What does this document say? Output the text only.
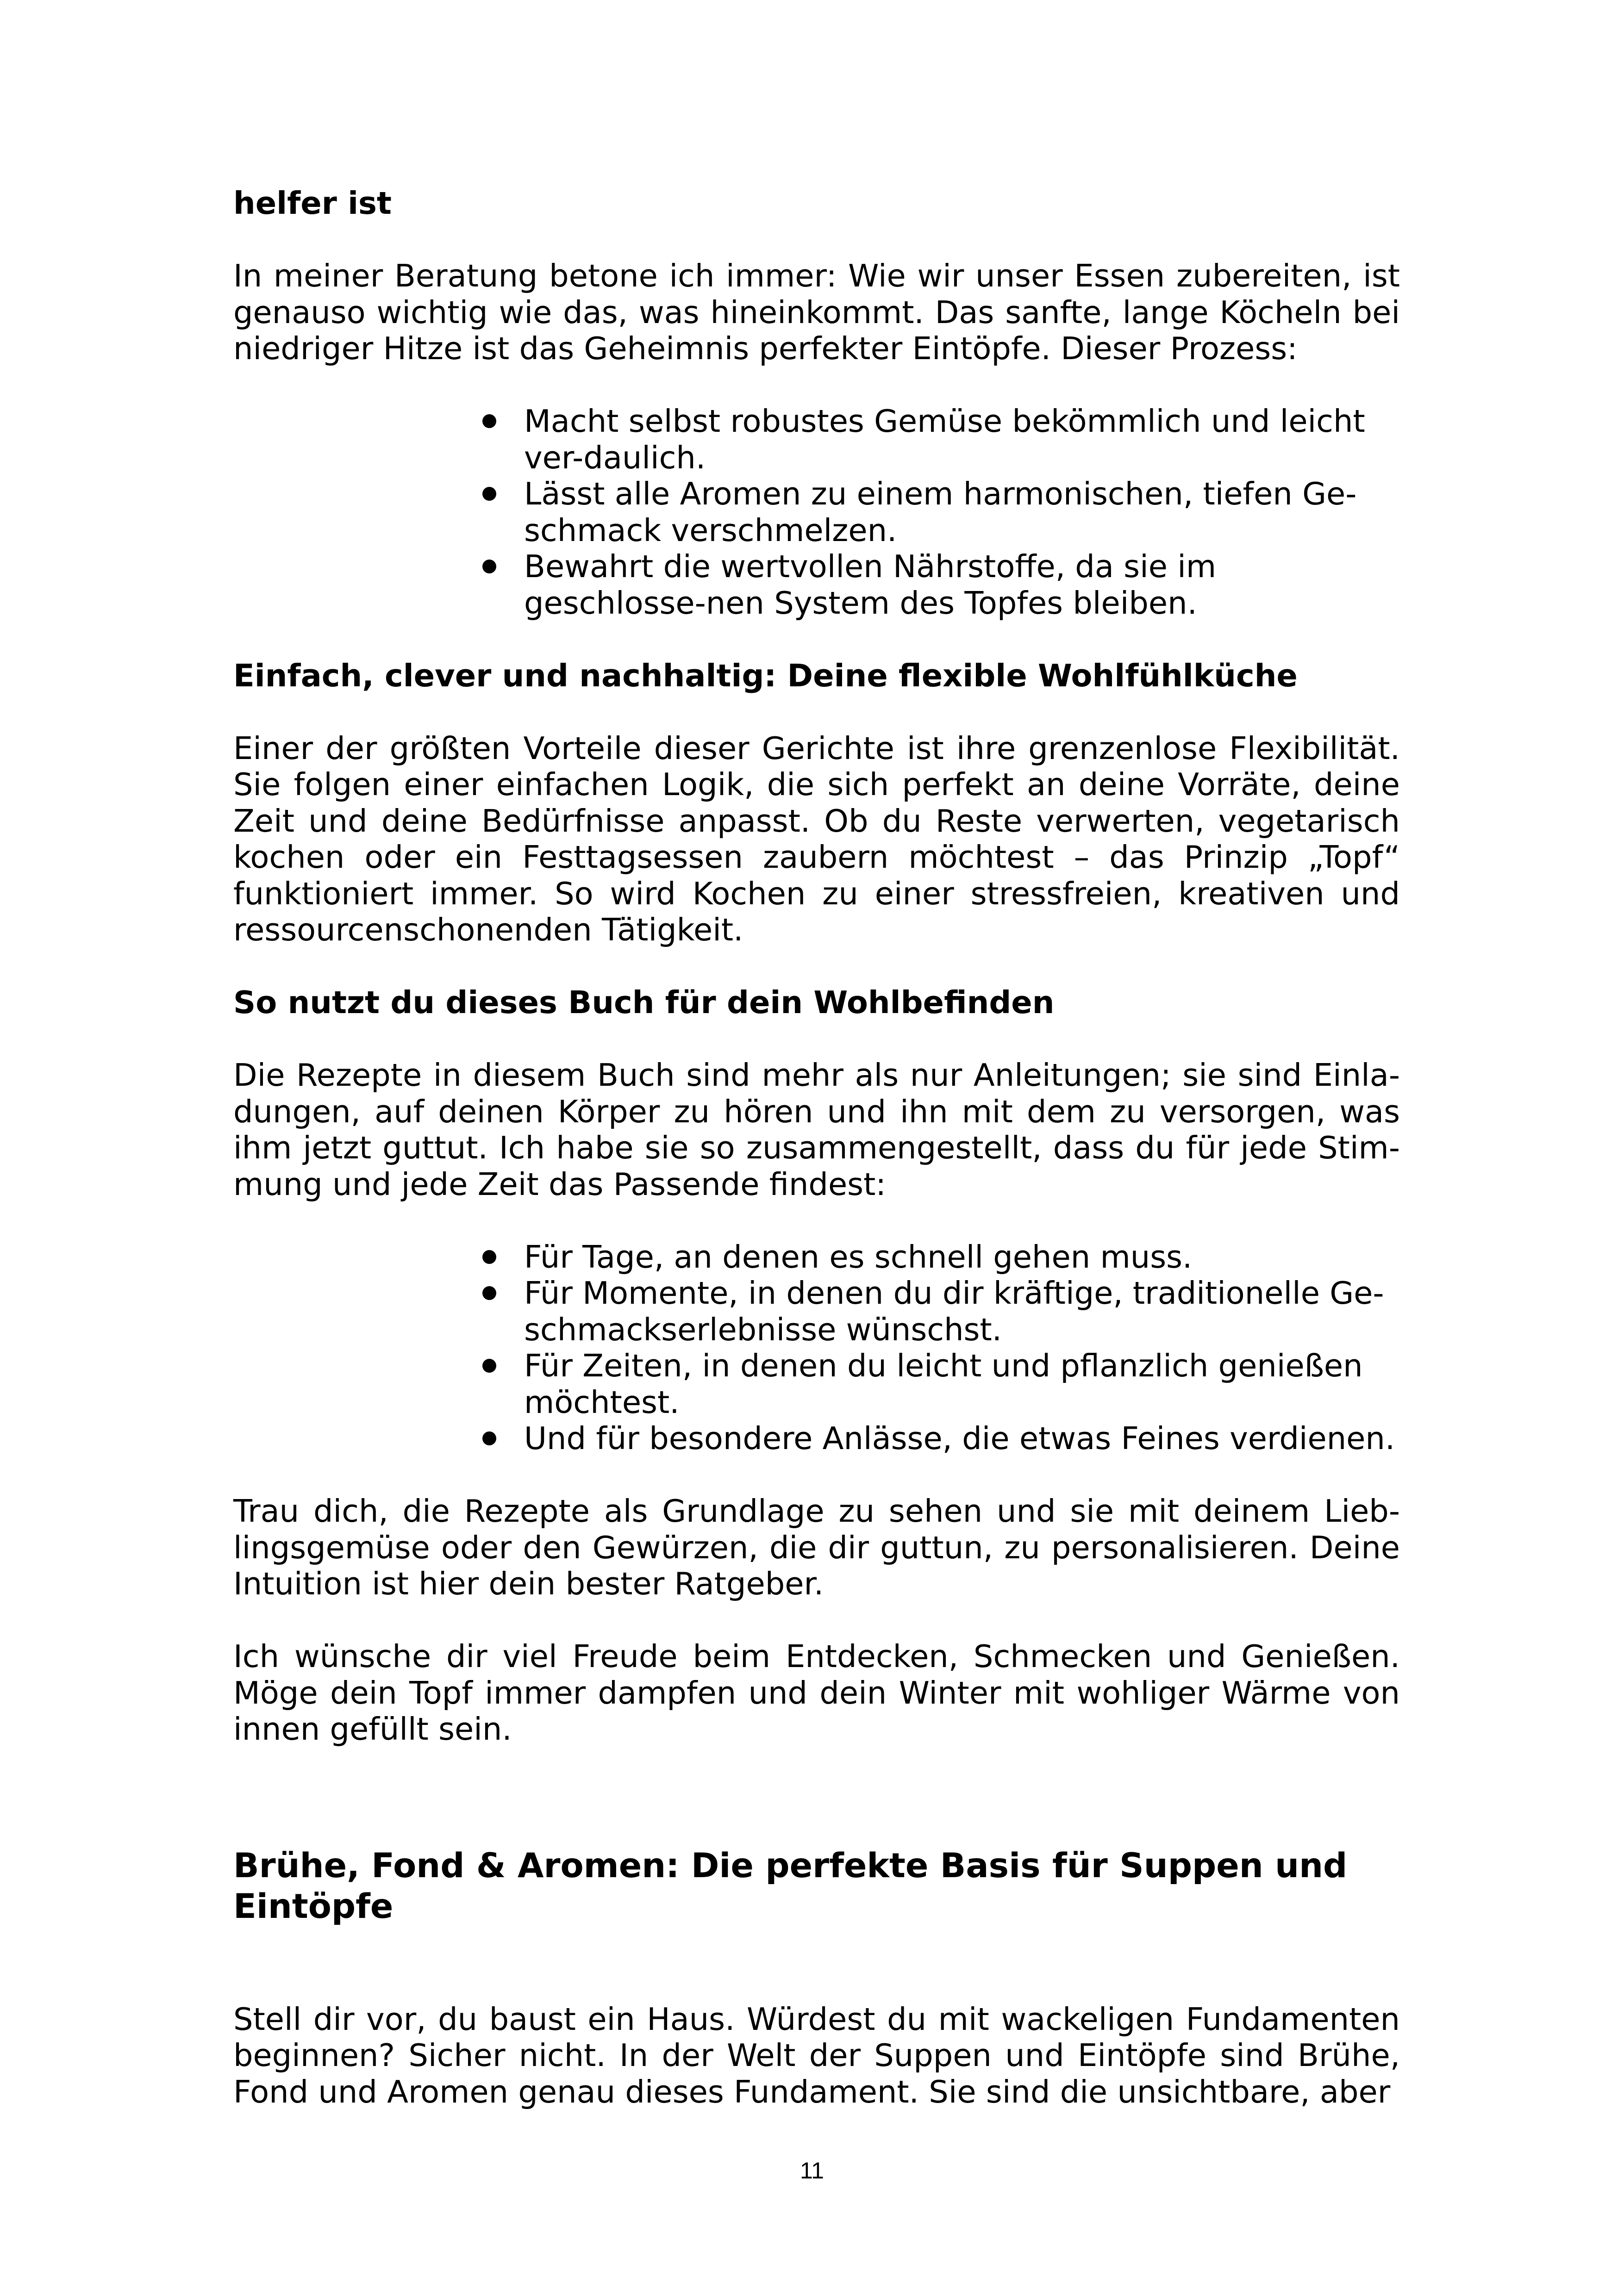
helfer ist

In meiner Beratung betone ich immer: Wie wir unser Essen zubereiten, ist genauso wichtig wie das, was hineinkommt. Das sanfte, lange Köcheln bei niedriger Hitze ist das Geheimnis perfekter Eintöpfe. Dieser Prozess:

Macht selbst robustes Gemüse bekömmlich und leicht ver-daulich.
Lässt alle Aromen zu einem harmonischen, tiefen Ge-schmack verschmelzen.
Bewahrt die wertvollen Nährstoffe, da sie im geschlosse-nen System des Topfes bleiben.

Einfach, clever und nachhaltig: Deine flexible Wohlfühlküche

Einer der größten Vorteile dieser Gerichte ist ihre grenzenlose Flexibilität. Sie folgen einer einfachen Logik, die sich perfekt an deine Vorräte, deine Zeit und deine Bedürfnisse anpasst. Ob du Reste verwerten, vegetarisch kochen oder ein Festtagsessen zaubern möchtest – das Prinzip „Topf“ funktioniert immer. So wird Kochen zu einer stressfreien, kreativen und ressourcenschonenden Tätigkeit.

So nutzt du dieses Buch für dein Wohlbefinden

Die Rezepte in diesem Buch sind mehr als nur Anleitungen; sie sind Einla-dungen, auf deinen Körper zu hören und ihn mit dem zu versorgen, was ihm jetzt guttut. Ich habe sie so zusammengestellt, dass du für jede Stim-mung und jede Zeit das Passende findest:

Für Tage, an denen es schnell gehen muss.
Für Momente, in denen du dir kräftige, traditionelle Ge-schmackserlebnisse wünschst.
Für Zeiten, in denen du leicht und pflanzlich genießen möchtest.
Und für besondere Anlässe, die etwas Feines verdienen.

Trau dich, die Rezepte als Grundlage zu sehen und sie mit deinem Lieb-lingsgemüse oder den Gewürzen, die dir guttun, zu personalisieren. Deine Intuition ist hier dein bester Ratgeber.

Ich wünsche dir viel Freude beim Entdecken, Schmecken und Genießen. Möge dein Topf immer dampfen und dein Winter mit wohliger Wärme von innen gefüllt sein.

Brühe, Fond & Aromen: Die perfekte Basis für Suppen und Eintöpfe

Stell dir vor, du baust ein Haus. Würdest du mit wackeligen Fundamenten beginnen? Sicher nicht. In der Welt der Suppen und Eintöpfe sind Brühe, Fond und Aromen genau dieses Fundament. Sie sind die unsichtbare, aber

11
